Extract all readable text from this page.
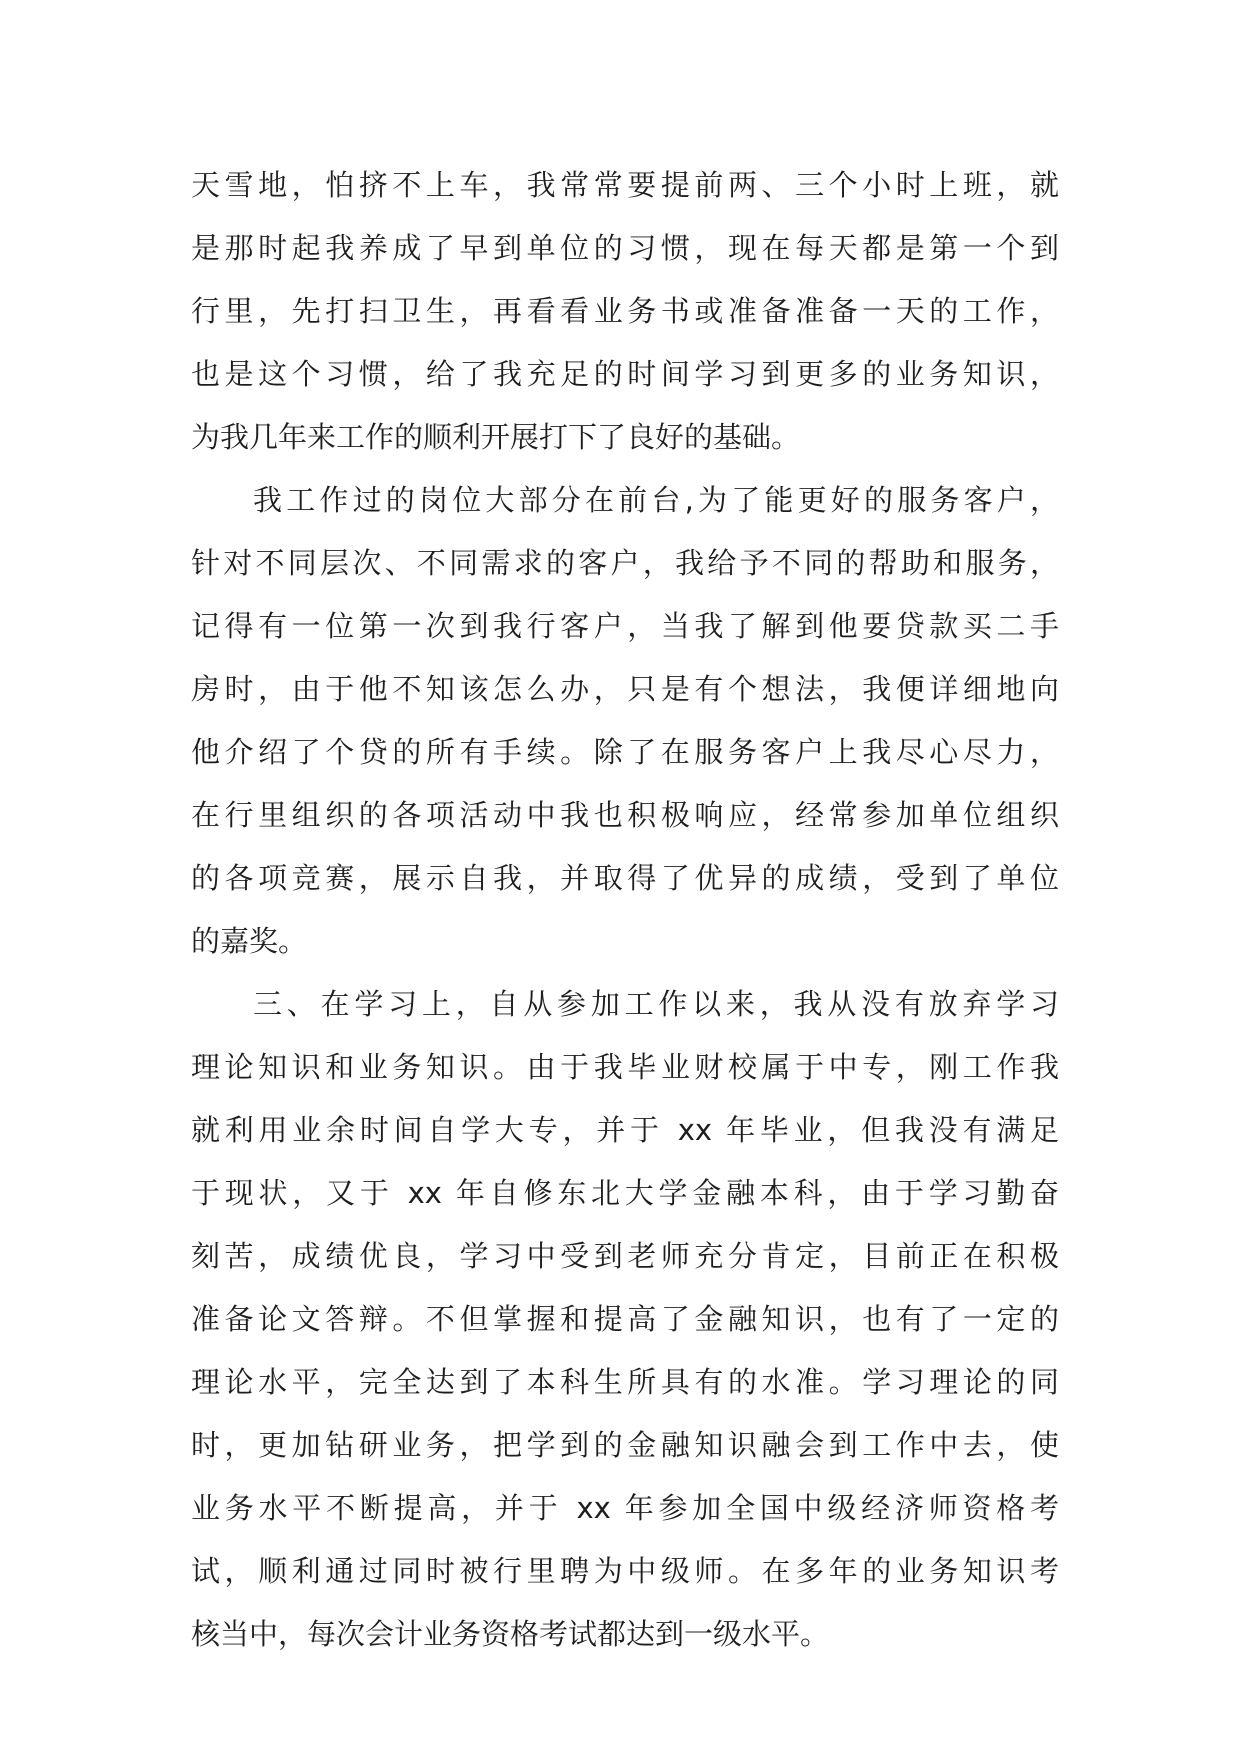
天雪地，怕挤不上车，我常常要提前两、三个小时上班，就
是那时起我养成了早到单位的习惯，现在每天都是第一个到
行里，先打扫卫生，再看看业务书或准备准备一天的工作，
也是这个习惯，给了我充足的时间学习到更多的业务知识，
为我几年来工作的顺利开展打下了良好的基础。
我工作过的岗位大部分在前台,为了能更好的服务客户，
针对不同层次、不同需求的客户，我给予不同的帮助和服务，
记得有一位第一次到我行客户，当我了解到他要贷款买二手
房时，由于他不知该怎么办，只是有个想法，我便详细地向
他介绍了个贷的所有手续。除了在服务客户上我尽心尽力，
在行里组织的各项活动中我也积极响应，经常参加单位组织
的各项竞赛，展示自我，并取得了优异的成绩，受到了单位
的嘉奖。
三、在学习上，自从参加工作以来，我从没有放弃学习
理论知识和业务知识。由于我毕业财校属于中专，刚工作我
就利用业余时间自学大专，并于 xx 年毕业，但我没有满足
于现状，又于 xx 年自修东北大学金融本科，由于学习勤奋
刻苦，成绩优良，学习中受到老师充分肯定，目前正在积极
准备论文答辩。不但掌握和提高了金融知识，也有了一定的
理论水平，完全达到了本科生所具有的水准。学习理论的同
时，更加钻研业务，把学到的金融知识融会到工作中去，使
业务水平不断提高，并于 xx 年参加全国中级经济师资格考
试，顺利通过同时被行里聘为中级师。在多年的业务知识考
核当中，每次会计业务资格考试都达到一级水平。
